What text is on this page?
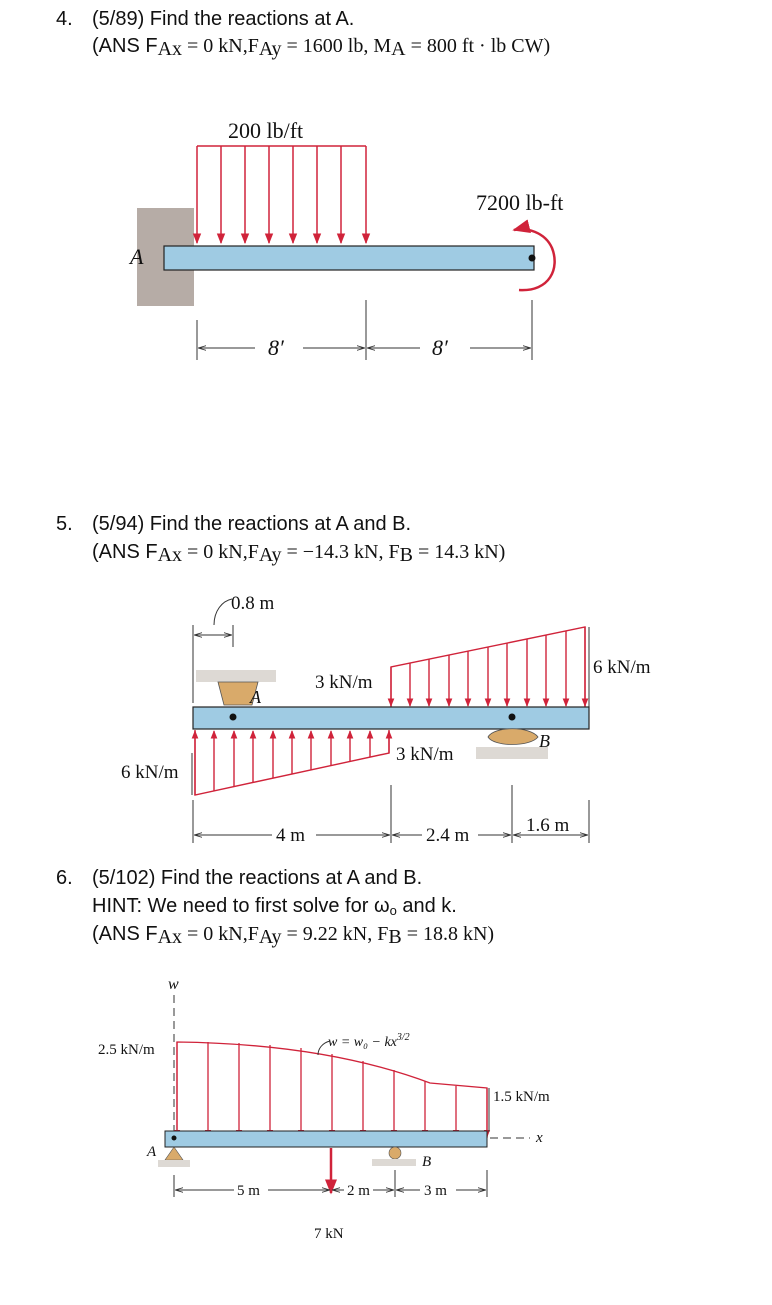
4. (5/89) Find the reactions at A.
(ANS $F_{Ax} = 0$ $kN,F_{Ay} = 1600$ lb, $M_A = 800$ ft · lb CW)
A
200 lb/ft
7200 lb-ft
8′	8′
5. (5/94) Find the reactions at A and B.
(ANS $F_{Ax} = 0$ $kN,F_{Ay} = -14.3$ kN, $F_B = 14.3$ kN)
0.8 m
A
3 kN/m
6 kN/m
6 kN/m
3 kN/m
B
4 m	2.4 m	1.6 m
6. (5/102) Find the reactions at A and B.
HINT: We need to first solve for $\omega_o$ and k.
(ANS $F_{Ax} = 0$ $kN,F_{Ay} = 9.22$ kN, $F_B = 18.8$ kN)
w
2.5 kN/m	$w = w_0 - kx^{3/2}$
1.5 kN/m
x
A
B
7 kN
5 m	2 m	3 m
